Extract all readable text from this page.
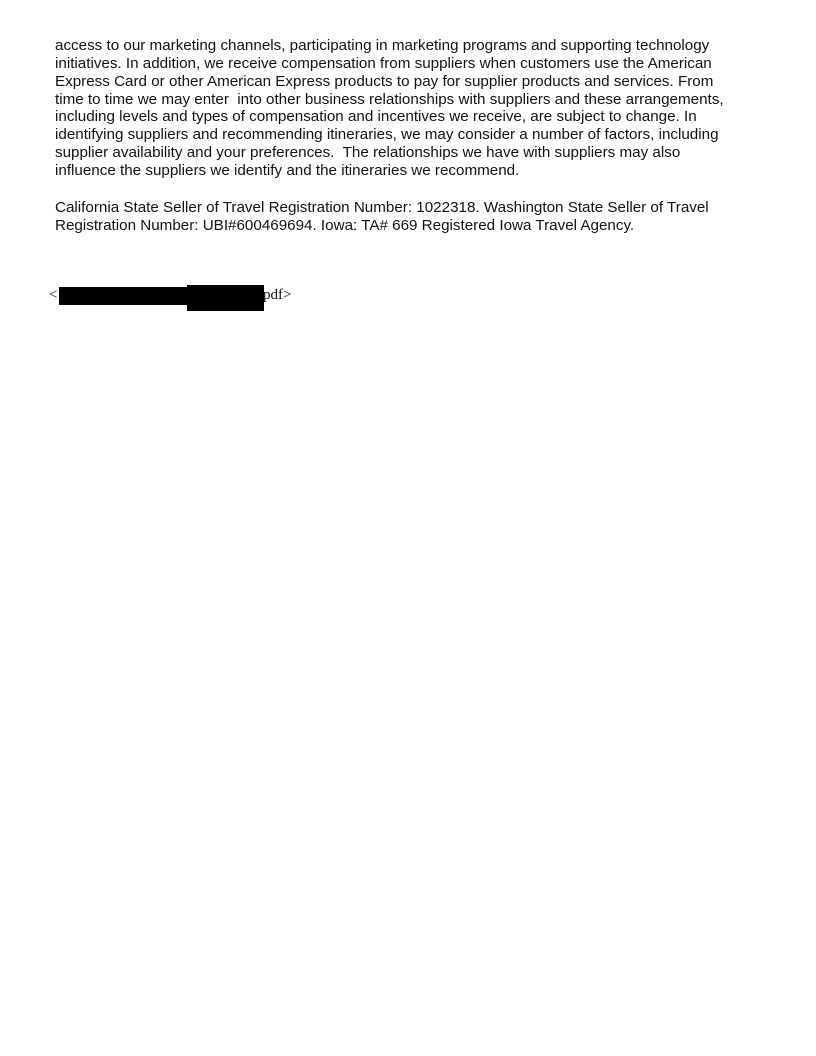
access to our marketing channels, participating in marketing programs and supporting technology
initiatives. In addition, we receive compensation from suppliers when customers use the American
Express Card or other American Express products to pay for supplier products and services. From
time to time we may enter  into other business relationships with suppliers and these arrangements,
including levels and types of compensation and incentives we receive, are subject to change. In
identifying suppliers and recommending itineraries, we may consider a number of factors, including
supplier availability and your preferences.  The relationships we have with suppliers may also
influence the suppliers we identify and the itineraries we recommend.

California State Seller of Travel Registration Number: 1022318. Washington State Seller of Travel
Registration Number: UBI#600469694. Iowa: TA# 669 Registered Iowa Travel Agency.

<	pdf>
